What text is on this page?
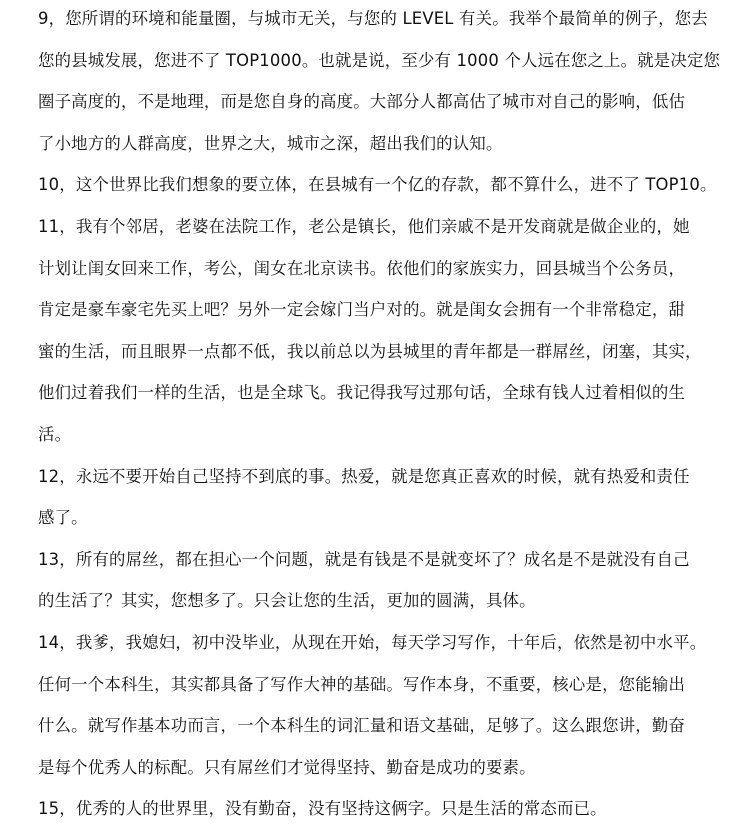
9，您所谓的环境和能量圈，与城市无关，与您的 LEVEL 有关。我举个最简单的例子，您去
您的县城发展，您进不了 TOP1000。也就是说，至少有 1000 个人远在您之上。就是决定您
圈子高度的，不是地理，而是您自身的高度。大部分人都高估了城市对自己的影响，低估
了小地方的人群高度，世界之大，城市之深，超出我们的认知。
10，这个世界比我们想象的要立体，在县城有一个亿的存款，都不算什么，进不了 TOP10。
11，我有个邻居，老婆在法院工作，老公是镇长，他们亲戚不是开发商就是做企业的，她
计划让闺女回来工作，考公，闺女在北京读书。依他们的家族实力，回县城当个公务员，
肯定是豪车豪宅先买上吧？另外一定会嫁门当户对的。就是闺女会拥有一个非常稳定，甜
蜜的生活，而且眼界一点都不低，我以前总以为县城里的青年都是一群屌丝，闭塞，其实，
他们过着我们一样的生活，也是全球飞。我记得我写过那句话，全球有钱人过着相似的生
活。
12，永远不要开始自己坚持不到底的事。热爱，就是您真正喜欢的时候，就有热爱和责任
感了。
13，所有的屌丝，都在担心一个问题，就是有钱是不是就变坏了？成名是不是就没有自己
的生活了？其实，您想多了。只会让您的生活，更加的圆满，具体。
14，我爹，我媳妇，初中没毕业，从现在开始，每天学习写作，十年后，依然是初中水平。
任何一个本科生，其实都具备了写作大神的基础。写作本身，不重要，核心是，您能输出
什么。就写作基本功而言，一个本科生的词汇量和语文基础，足够了。这么跟您讲，勤奋
是每个优秀人的标配。只有屌丝们才觉得坚持、勤奋是成功的要素。
15，优秀的人的世界里，没有勤奋，没有坚持这俩字。只是生活的常态而已。
